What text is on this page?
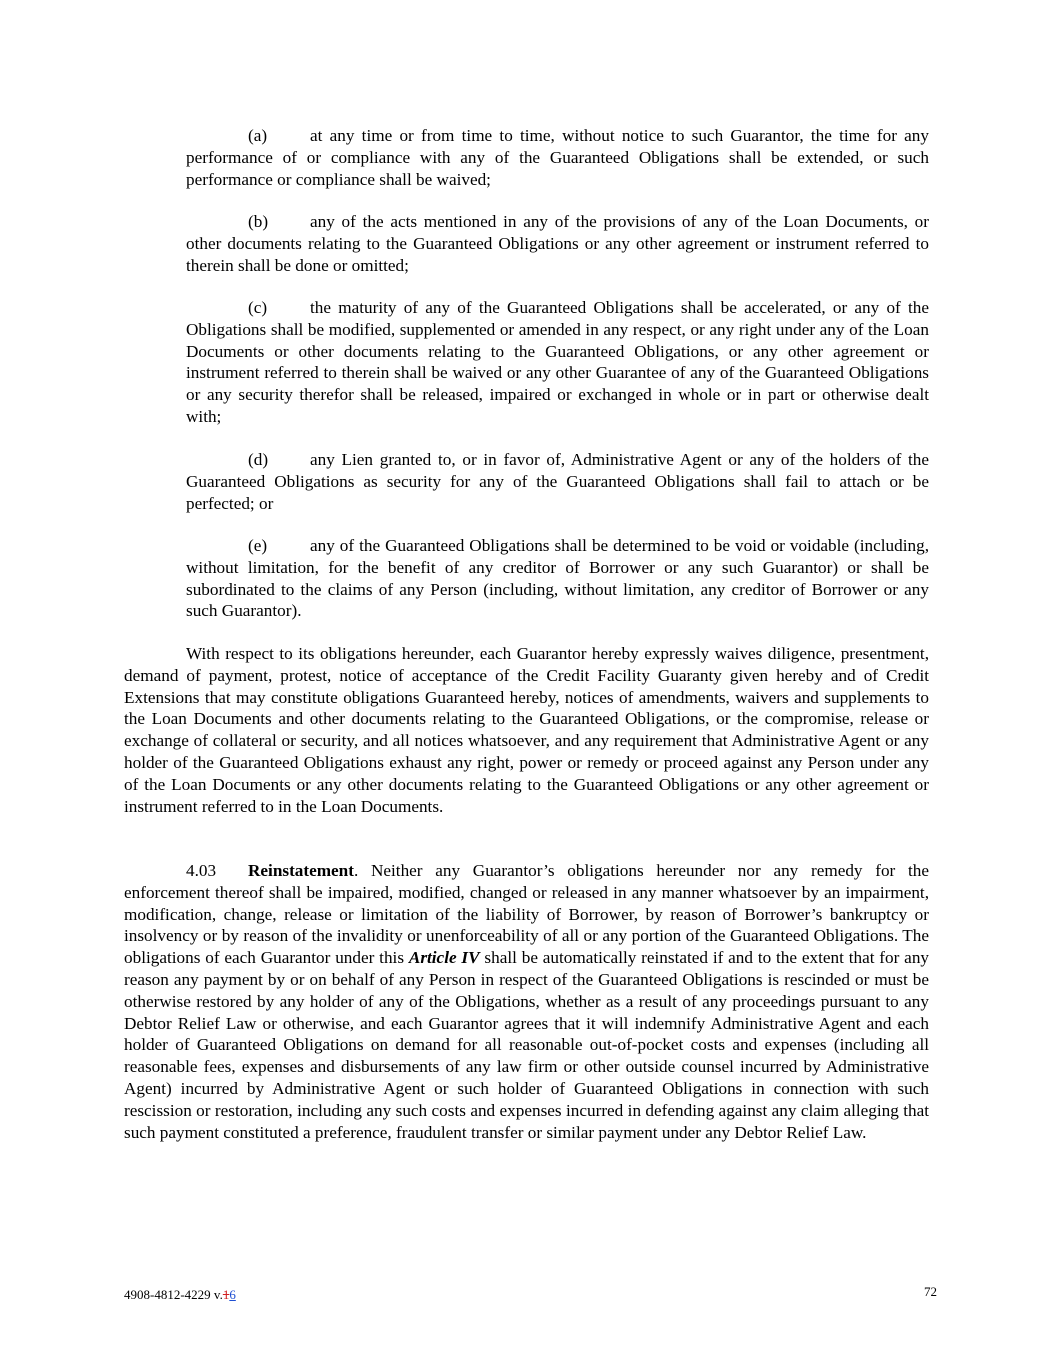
(a) at any time or from time to time, without notice to such Guarantor, the time for any performance of or compliance with any of the Guaranteed Obligations shall be extended, or such performance or compliance shall be waived;

(b) any of the acts mentioned in any of the provisions of any of the Loan Documents, or other documents relating to the Guaranteed Obligations or any other agreement or instrument referred to therein shall be done or omitted;

(c) the maturity of any of the Guaranteed Obligations shall be accelerated, or any of the Obligations shall be modified, supplemented or amended in any respect, or any right under any of the Loan Documents or other documents relating to the Guaranteed Obligations, or any other agreement or instrument referred to therein shall be waived or any other Guarantee of any of the Guaranteed Obligations or any security therefor shall be released, impaired or exchanged in whole or in part or otherwise dealt with;

(d) any Lien granted to, or in favor of, Administrative Agent or any of the holders of the Guaranteed Obligations as security for any of the Guaranteed Obligations shall fail to attach or be perfected; or

(e) any of the Guaranteed Obligations shall be determined to be void or voidable (including, without limitation, for the benefit of any creditor of Borrower or any such Guarantor) or shall be subordinated to the claims of any Person (including, without limitation, any creditor of Borrower or any such Guarantor).

With respect to its obligations hereunder, each Guarantor hereby expressly waives diligence, presentment, demand of payment, protest, notice of acceptance of the Credit Facility Guaranty given hereby and of Credit Extensions that may constitute obligations Guaranteed hereby, notices of amendments, waivers and supplements to the Loan Documents and other documents relating to the Guaranteed Obligations, or the compromise, release or exchange of collateral or security, and all notices whatsoever, and any requirement that Administrative Agent or any holder of the Guaranteed Obligations exhaust any right, power or remedy or proceed against any Person under any of the Loan Documents or any other documents relating to the Guaranteed Obligations or any other agreement or instrument referred to in the Loan Documents.

4.03 Reinstatement. Neither any Guarantor’s obligations hereunder nor any remedy for the enforcement thereof shall be impaired, modified, changed or released in any manner whatsoever by an impairment, modification, change, release or limitation of the liability of Borrower, by reason of Borrower’s bankruptcy or insolvency or by reason of the invalidity or unenforceability of all or any portion of the Guaranteed Obligations. The obligations of each Guarantor under this Article IV shall be automatically reinstated if and to the extent that for any reason any payment by or on behalf of any Person in respect of the Guaranteed Obligations is rescinded or must be otherwise restored by any holder of any of the Obligations, whether as a result of any proceedings pursuant to any Debtor Relief Law or otherwise, and each Guarantor agrees that it will indemnify Administrative Agent and each holder of Guaranteed Obligations on demand for all reasonable out-of-pocket costs and expenses (including all reasonable fees, expenses and disbursements of any law firm or other outside counsel incurred by Administrative Agent) incurred by Administrative Agent or such holder of Guaranteed Obligations in connection with such rescission or restoration, including any such costs and expenses incurred in defending against any claim alleging that such payment constituted a preference, fraudulent transfer or similar payment under any Debtor Relief Law.

4908-4812-4229 v.16	72
